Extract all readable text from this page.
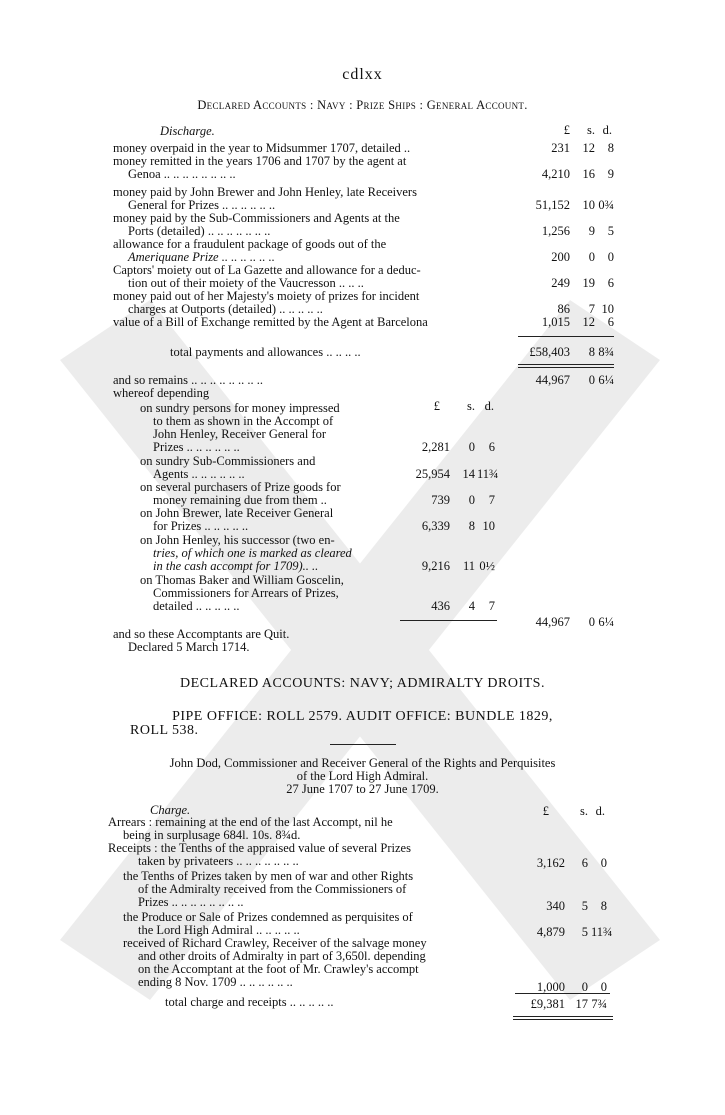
cdlxx
Declared Accounts : Navy : Prize Ships : General Account.
Discharge.	£	s. d.
money overpaid in the year to Midsummer 1707, detailed ..	231	12	8
money remitted in the years 1706 and 1707 by the agent at
Genoa .. .. .. .. .. .. .. ..	4,210	16	9
money paid by John Brewer and John Henley, late Receivers
General for Prizes .. .. .. .. .. ..	51,152	10 0¾
money paid by the Sub-Commissioners and Agents at the
Ports (detailed) .. .. .. .. .. .. ..	1,256	9	5
allowance for a fraudulent package of goods out of the
Ameriquane Prize .. .. .. .. .. ..	200	0	0
Captors' moiety out of La Gazette and allowance for a deduc-
tion out of their moiety of the Vaucresson .. .. ..	249	19	6
money paid out of her Majesty's moiety of prizes for incident
charges at Outports (detailed) .. .. .. .. ..	86	7 10
value of a Bill of Exchange remitted by the Agent at Barcelona	1,015	12	6
total payments and allowances .. .. .. ..	£58,403	8 8¾
and so remains .. .. .. .. .. .. .. ..	44,967	0 6¼
whereof depending
£	s. d.
on sundry persons for money impressed
to them as shown in the Accompt of
John Henley, Receiver General for
Prizes .. .. .. .. .. ..	2,281	0	6
on sundry Sub-Commissioners and
Agents .. .. .. .. .. ..	25,954	14 11¾
on several purchasers of Prize goods for
money remaining due from them ..	739	0	7
on John Brewer, late Receiver General
for Prizes .. .. .. .. ..	6,339	8 10
on John Henley, his successor (two en-
tries, of which one is marked as cleared
in the cash accompt for 1709).. ..	9,216	11 0½
on Thomas Baker and William Goscelin,
Commissioners for Arrears of Prizes,
detailed .. .. .. .. ..	436	4	7
44,967	0 6¼
and so these Accomptants are Quit.
Declared 5 March 1714.
DECLARED ACCOUNTS: NAVY; ADMIRALTY DROITS.
PIPE OFFICE: ROLL 2579. AUDIT OFFICE: BUNDLE 1829,
ROLL 538.
John Dod, Commissioner and Receiver General of the Rights and Perquisites
of the Lord High Admiral.
27 June 1707 to 27 June 1709.
Charge.	£	s. d.
Arrears : remaining at the end of the last Accompt, nil he
being in surplusage 684l. 10s. 8¾d.
Receipts : the Tenths of the appraised value of several Prizes
taken by privateers .. .. .. .. .. .. ..	3,162	6	0
the Tenths of Prizes taken by men of war and other Rights
of the Admiralty received from the Commissioners of
Prizes .. .. .. .. .. .. .. ..	340	5	8
the Produce or Sale of Prizes condemned as perquisites of
the Lord High Admiral .. .. .. .. ..	4,879	5 11¾
received of Richard Crawley, Receiver of the salvage money
and other droits of Admiralty in part of 3,650l. depending
on the Accomptant at the foot of Mr. Crawley's accompt
ending 8 Nov. 1709 .. .. .. .. .. ..	1,000	0	0
total charge and receipts .. .. .. .. ..	£9,381 17 7¾
